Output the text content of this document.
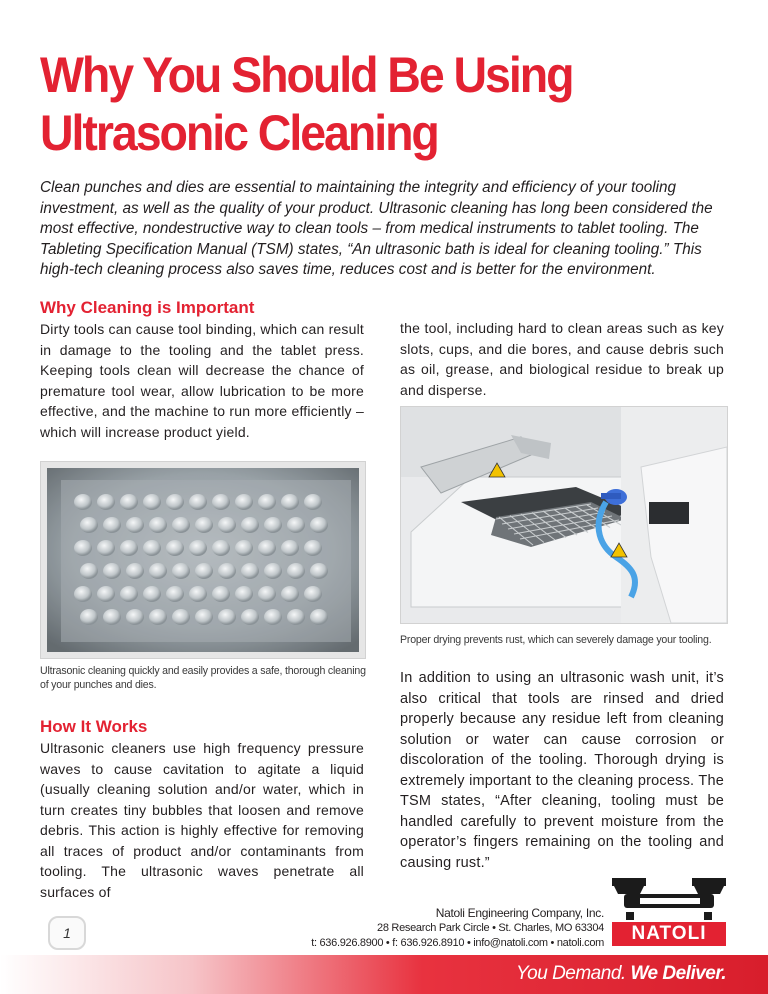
Why You Should Be Using
Ultrasonic Cleaning

Clean punches and dies are essential to maintaining the integrity and efficiency of your tooling investment, as well as the quality of your product. Ultrasonic cleaning has long been considered the most effective, nondestructive way to clean tools – from medical instruments to tablet tooling. The Tableting Specification Manual (TSM) states, “An ultrasonic bath is ideal for cleaning tooling.” This high-tech cleaning process also saves time, reduces cost and is better for the environment.

Why Cleaning is Important

Dirty tools can cause tool binding, which can result in damage to the tooling and the tablet press. Keeping tools clean will decrease the chance of premature tool wear, allow lubrication to be more effective, and the machine to run more efficiently – which will increase product yield.

Ultrasonic cleaning quickly and easily provides a safe, thorough cleaning of your punches and dies.
How It Works

Ultrasonic cleaners use high frequency pressure waves to cause cavitation to agitate a liquid (usually cleaning solution and/or water, which in turn creates tiny bubbles that loosen and remove debris. This action is highly effective for removing all traces of product and/or contaminants from tooling. The ultrasonic waves penetrate all surfaces of

the tool, including hard to clean areas such as key slots, cups, and die bores, and cause debris such as oil, grease, and biological residue to break up and disperse.

Proper drying prevents rust, which can severely damage your tooling.

In addition to using an ultrasonic wash unit, it’s also critical that tools are rinsed and dried properly because any residue left from cleaning solution or water can cause corrosion or discoloration of the tooling. Thorough drying is extremely important to the cleaning process. The TSM states, “After cleaning, tooling must be handled carefully to prevent moisture from the operator’s fingers remaining on the tooling and causing rust.”

1
Natoli Engineering Company, Inc.
28 Research Park Circle • St. Charles, MO 63304
t: 636.926.8900 • f: 636.926.8910 • info@natoli.com • natoli.com	NATOLI
You Demand. We Deliver.
